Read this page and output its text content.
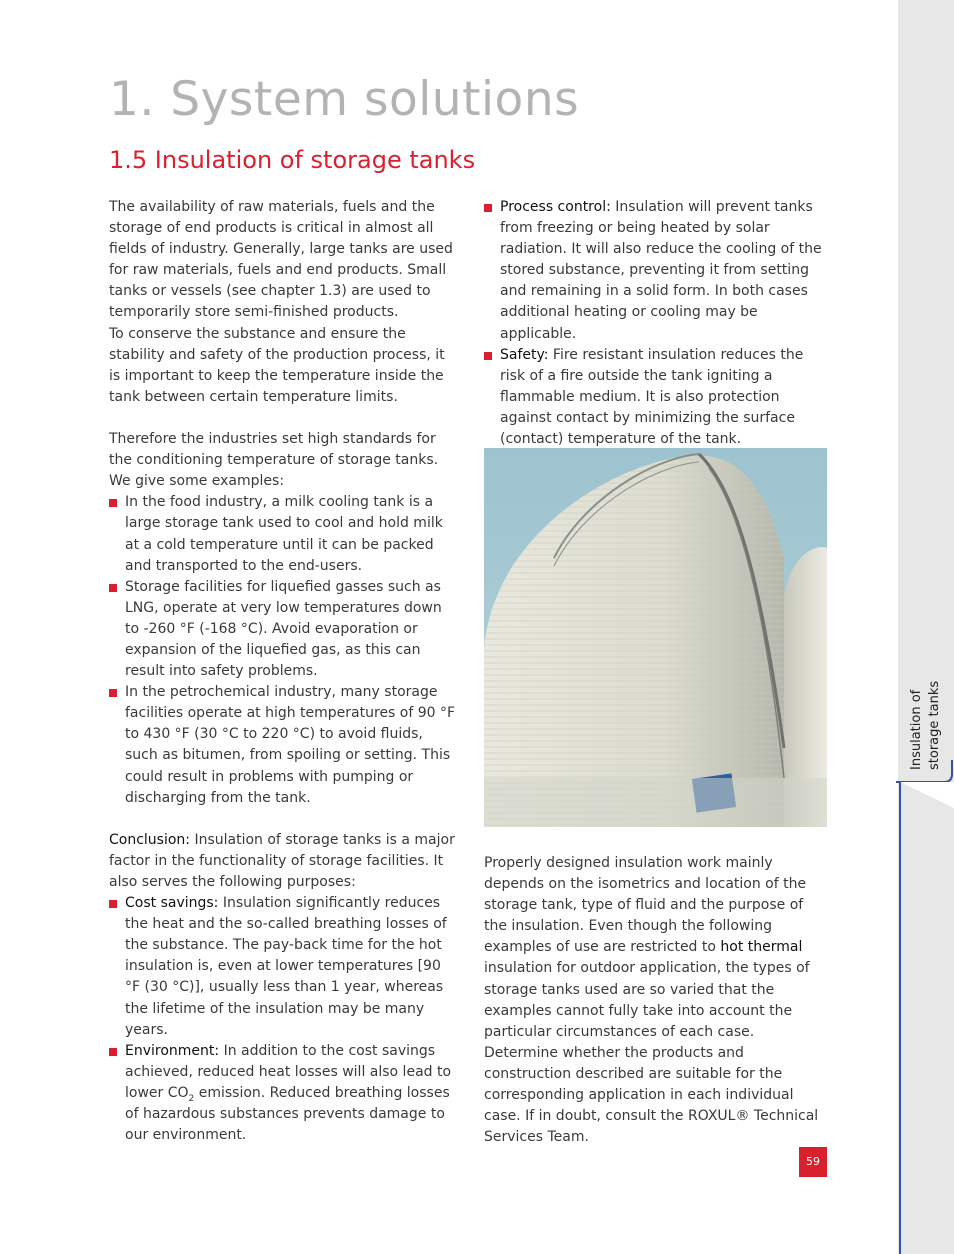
1. System solutions
1.5 Insulation of storage tanks

The availability of raw materials, fuels and the storage of end products is critical in almost all fields of industry. Generally, large tanks are used for raw materials, fuels and end products. Small tanks or vessels (see chapter 1.3) are used to temporarily store semi-finished products.

To conserve the substance and ensure the stability and safety of the production process, it is important to keep the temperature inside the tank between certain temperature limits.

Therefore the industries set high standards for the conditioning temperature of storage tanks.

We give some examples:

In the food industry, a milk cooling tank is a large storage tank used to cool and hold milk at a cold temperature until it can be packed and transported to the end-users.
Storage facilities for liquefied gasses such as LNG, operate at very low temperatures down to -260 °F (-168 °C). Avoid evaporation or expansion of the liquefied gas, as this can result into safety problems.
In the petrochemical industry, many storage facilities operate at high temperatures of 90 °F to 430 °F (30 °C to 220 °C) to avoid fluids, such as bitumen, from spoiling or setting. This could result in problems with pumping or discharging from the tank.

Conclusion: Insulation of storage tanks is a major factor in the functionality of storage facilities. It also serves the following purposes:

Cost savings: Insulation significantly reduces the heat and the so-called breathing losses of the substance. The pay-back time for the hot insulation is, even at lower temperatures [90 °F (30 °C)], usually less than 1 year, whereas the lifetime of the insulation may be many years.
Environment: In addition to the cost savings achieved, reduced heat losses will also lead to lower $CO_2$ emission. Reduced breathing losses of hazardous substances prevents damage to our environment.
Process control: Insulation will prevent tanks from freezing or being heated by solar radiation. It will also reduce the cooling of the stored substance, preventing it from setting and remaining in a solid form. In both cases additional heating or cooling may be applicable.
Safety: Fire resistant insulation reduces the risk of a fire outside the tank igniting a flammable medium. It is also protection against contact by minimizing the surface (contact) temperature of the tank.

Properly designed insulation work mainly depends on the isometrics and location of the storage tank, type of fluid and the purpose of the insulation. Even though the following examples of use are restricted to hot thermal insulation for outdoor application, the types of storage tanks used are so varied that the examples cannot fully take into account the particular circumstances of each case. Determine whether the products and construction described are suitable for the corresponding application in each individual case. If in doubt, consult the ROXUL® Technical Services Team.

59
Insulation of storage tanks
